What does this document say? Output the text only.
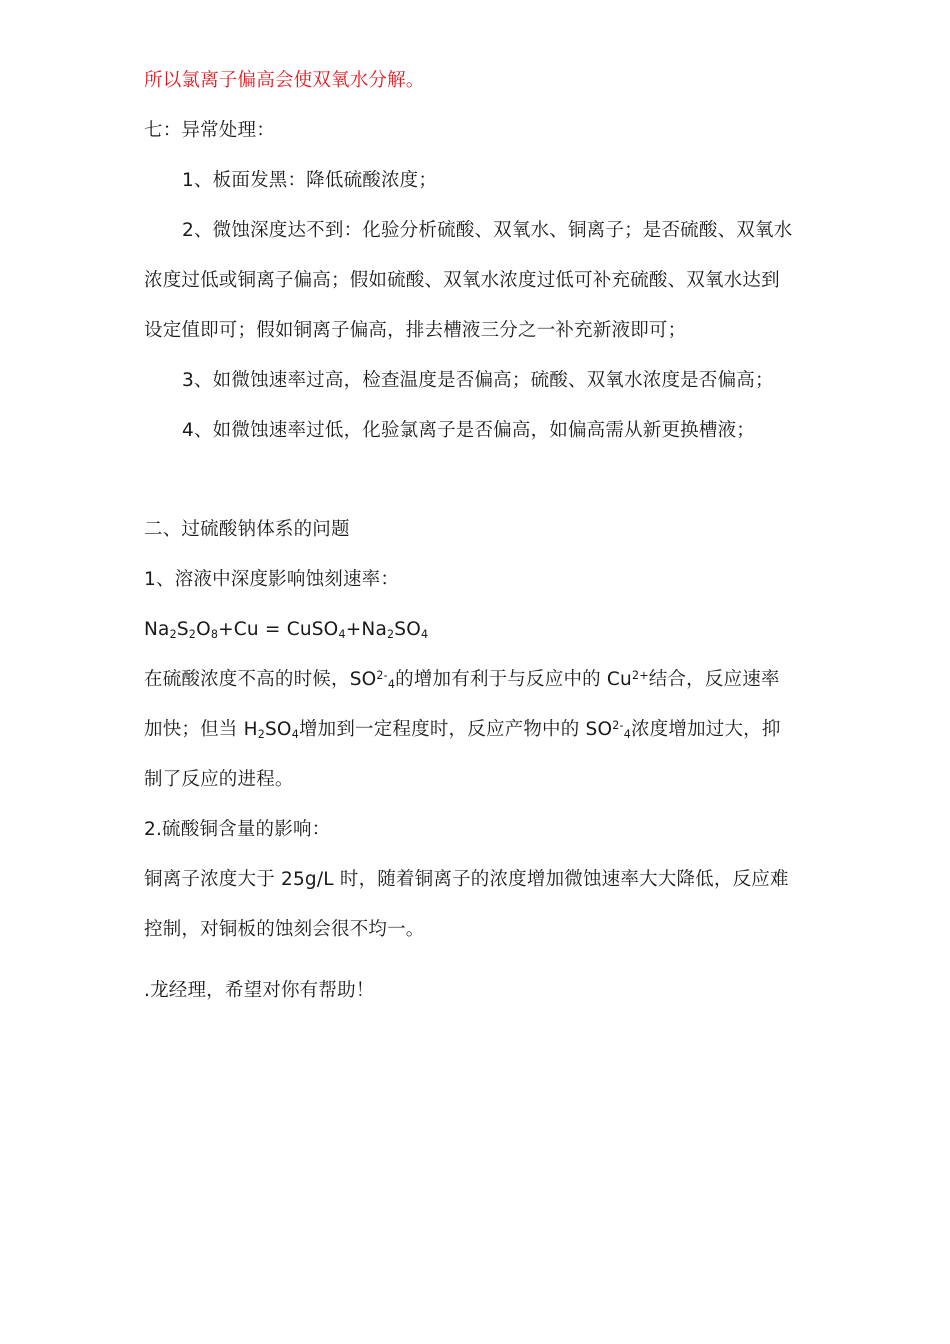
所以氯离子偏高会使双氧水分解。
七：异常处理：
1、板面发黑：降低硫酸浓度；
2、微蚀深度达不到：化验分析硫酸、双氧水、铜离子；是否硫酸、双氧水
浓度过低或铜离子偏高；假如硫酸、双氧水浓度过低可补充硫酸、双氧水达到
设定值即可；假如铜离子偏高，排去槽液三分之一补充新液即可；
3、如微蚀速率过高，检查温度是否偏高；硫酸、双氧水浓度是否偏高；
4、如微蚀速率过低，化验氯离子是否偏高，如偏高需从新更换槽液；
二、过硫酸钠体系的问题
1、溶液中深度影响蚀刻速率：
$Na_2S_2O_8+Cu$ = $CuSO_4+Na_2SO_4$
在硫酸浓度不高的时候，$SO^{2-}_4$的增加有利于与反应中的 $Cu^{2+}$结合，反应速率
加快；但当 $H_2SO_4$增加到一定程度时，反应产物中的 $SO^{2-}_4$浓度增加过大，抑
制了反应的进程。
2.硫酸铜含量的影响：
铜离子浓度大于 25g/L 时，随着铜离子的浓度增加微蚀速率大大降低，反应难
控制，对铜板的蚀刻会很不均一。
.龙经理，希望对你有帮助！
